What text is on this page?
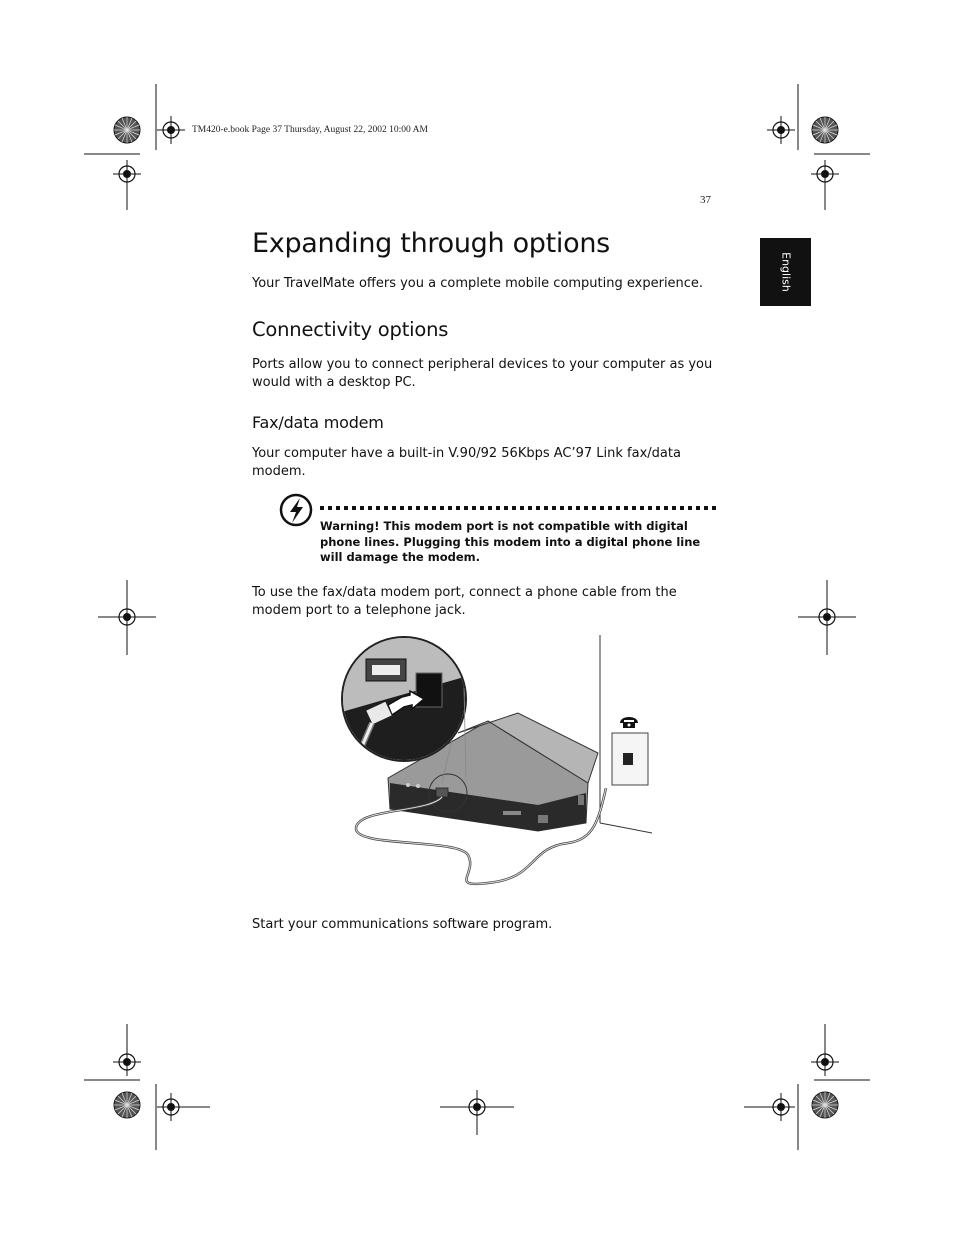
TM420-e.book Page 37 Thursday, August 22, 2002 10:00 AM
37
English
Expanding through options

Your TravelMate offers you a complete mobile computing experience.

Connectivity options

Ports allow you to connect peripheral devices to your computer as you would with a desktop PC.

Fax/data modem

Your computer have a built-in V.90/92 56Kbps AC’97 Link fax/data modem.

Warning! This modem port is not compatible with digital phone lines. Plugging this modem into a digital phone line will damage the modem.

To use the fax/data modem port, connect a phone cable from the modem port to a telephone jack.

Start your communications software program.
